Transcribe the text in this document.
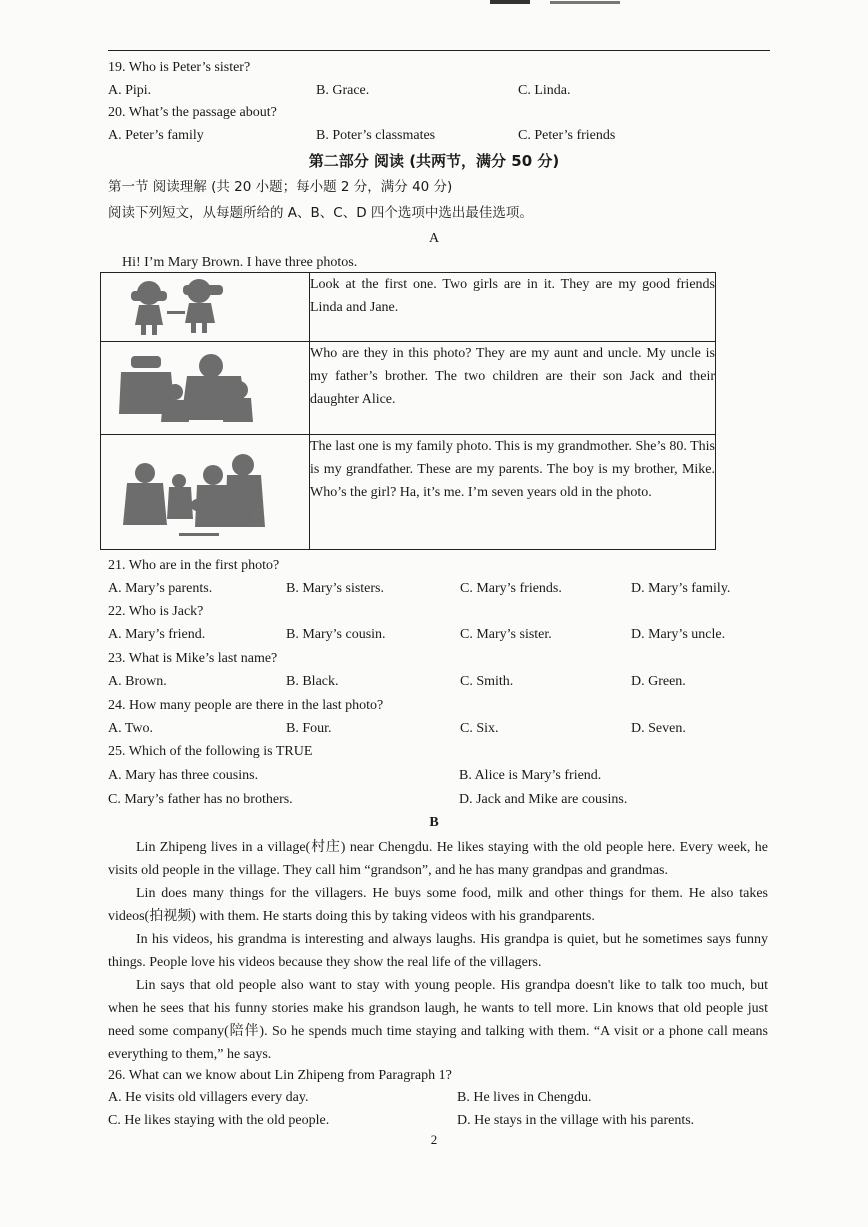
19. Who is Peter’s sister?
A. Pipi.	B. Grace.	C. Linda.
20. What’s the passage about?
A. Peter’s family	B. Poter’s classmates	C. Peter’s friends
第二部分 阅读 (共两节，满分 50 分)
第一节 阅读理解 (共 20 小题；每小题 2 分，满分 40 分)
阅读下列短文，从每题所给的 A、B、C、D 四个选项中选出最佳选项。
A
Hi! I’m Mary Brown. I have three photos.
	Look at the first one. Two girls are in it. They are my good friends Linda and Jane.

	Who are they in this photo? They are my aunt and uncle. My uncle is my father’s brother. The two children are their son Jack and their daughter Alice.

	The last one is my family photo. This is my grandmother. She’s 80. This is my grandfather. These are my parents. The boy is my brother, Mike. Who’s the girl? Ha, it’s me. I’m seven years old in the photo.
21. Who are in the first photo?
A. Mary’s parents.	B. Mary’s sisters.	C. Mary’s friends.	D. Mary’s family.
22. Who is Jack?
A. Mary’s friend.	B. Mary’s cousin.	C. Mary’s sister.	D. Mary’s uncle.
23. What is Mike’s last name?
A. Brown.	B. Black.	C. Smith.	D. Green.
24. How many people are there in the last photo?
A. Two.	B. Four.	C. Six.	D. Seven.
25. Which of the following is TRUE
A. Mary has three cousins.	B. Alice is Mary’s friend.
C. Mary’s father has no brothers.	D. Jack and Mike are cousins.
B
Lin Zhipeng lives in a village(村庄) near Chengdu. He likes staying with the old people here. Every week, he visits old people in the village. They call him “grandson”, and he has many grandpas and grandmas.
Lin does many things for the villagers. He buys some food, milk and other things for them. He also takes videos(拍视频) with them. He starts doing this by taking videos with his grandparents.
In his videos, his grandma is interesting and always laughs. His grandpa is quiet, but he sometimes says funny things. People love his videos because they show the real life of the villagers.
Lin says that old people also want to stay with young people. His grandpa doesn't like to talk too much, but when he sees that his funny stories make his grandson laugh, he wants to tell more. Lin knows that old people just need some company(陪伴). So he spends much time staying and talking with them. “A visit or a phone call means everything to them,” he says.
26. What can we know about Lin Zhipeng from Paragraph 1?
A. He visits old villagers every day.	B. He lives in Chengdu.
C. He likes staying with the old people.	D. He stays in the village with his parents.
2
